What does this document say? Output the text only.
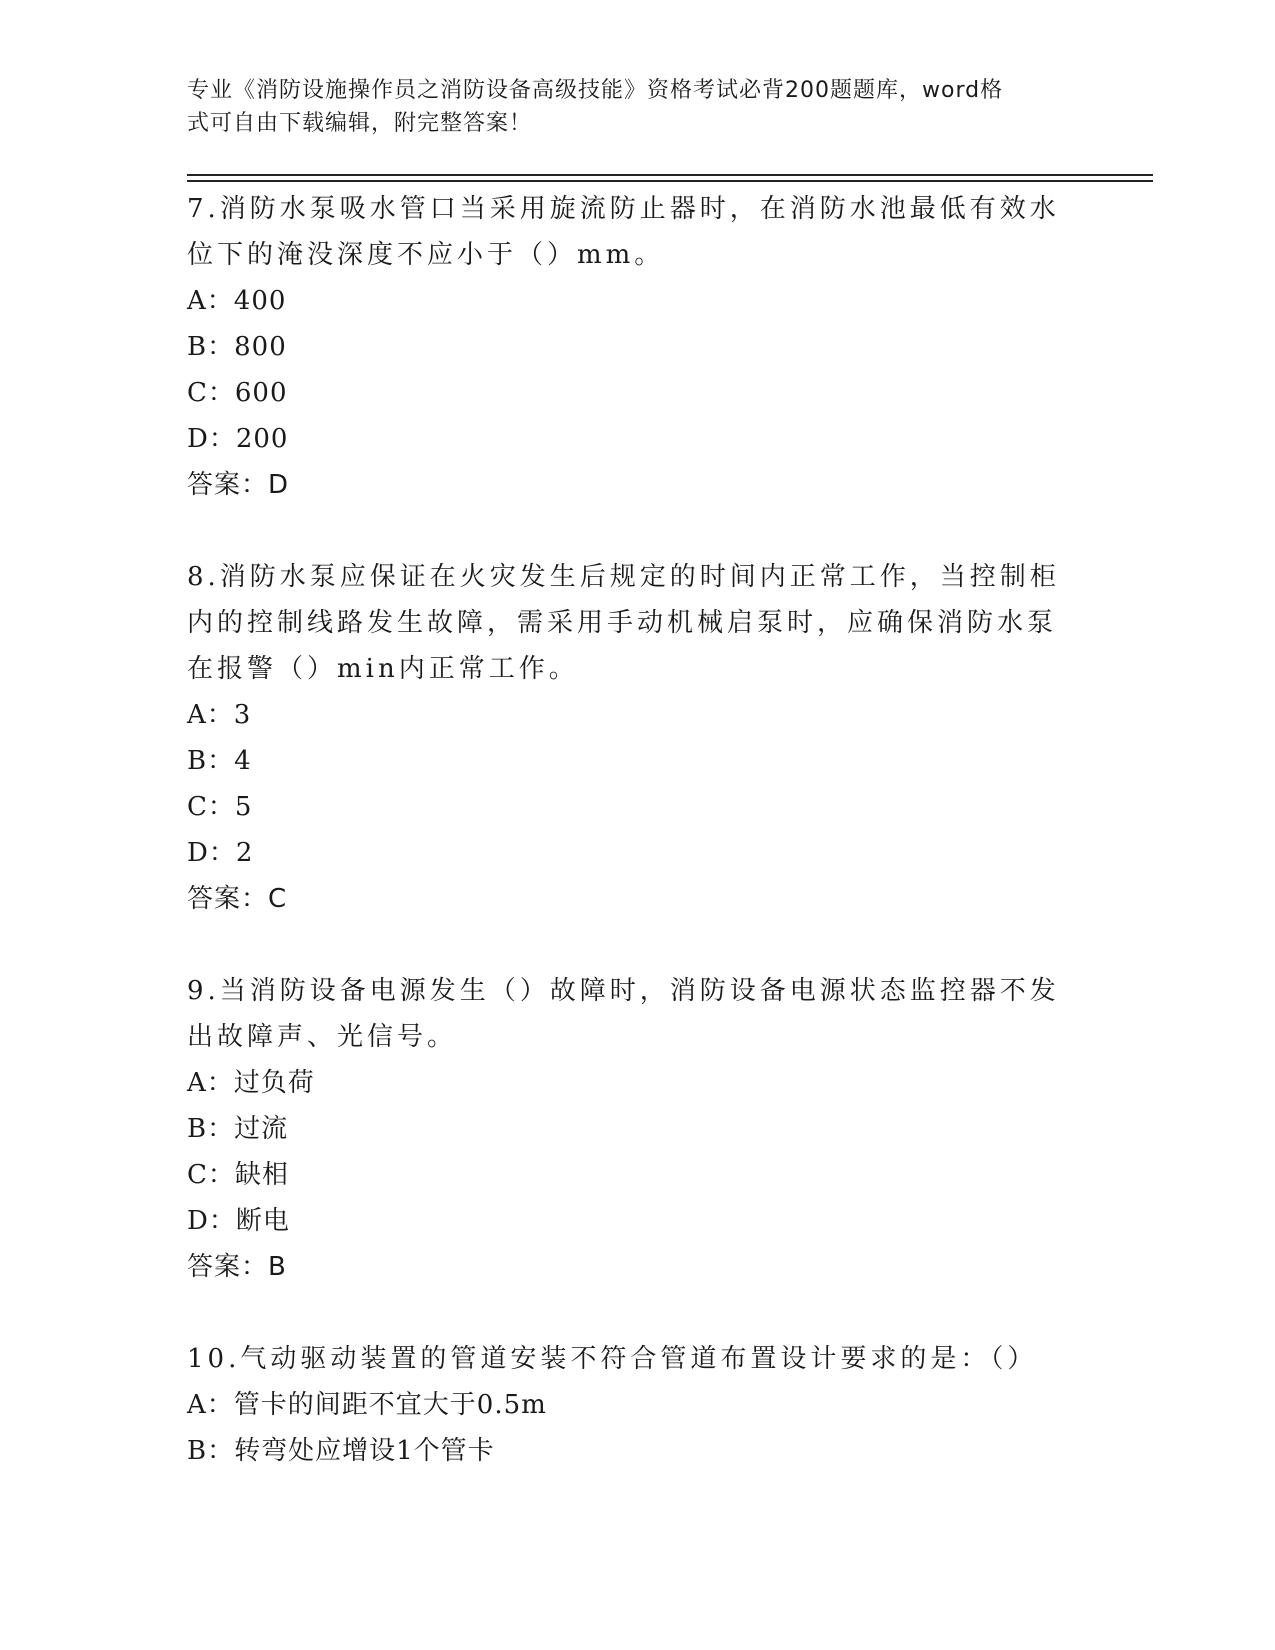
专业《消防设施操作员之消防设备高级技能》资格考试必背200题题库，word格
式可自由下载编辑，附完整答案！
7.消防水泵吸水管口当采用旋流防止器时，在消防水池最低有效水位下的淹没深度不应小于（）mm。
A：400
B：800
C：600
D：200
答案：D
8.消防水泵应保证在火灾发生后规定的时间内正常工作，当控制柜内的控制线路发生故障，需采用手动机械启泵时，应确保消防水泵在报警（）min内正常工作。
A：3
B：4
C：5
D：2
答案：C
9.当消防设备电源发生（）故障时，消防设备电源状态监控器不发出故障声、光信号。
A：过负荷
B：过流
C：缺相
D：断电
答案：B
10.气动驱动装置的管道安装不符合管道布置设计要求的是：（）
A：管卡的间距不宜大于0.5m
B：转弯处应增设1个管卡
